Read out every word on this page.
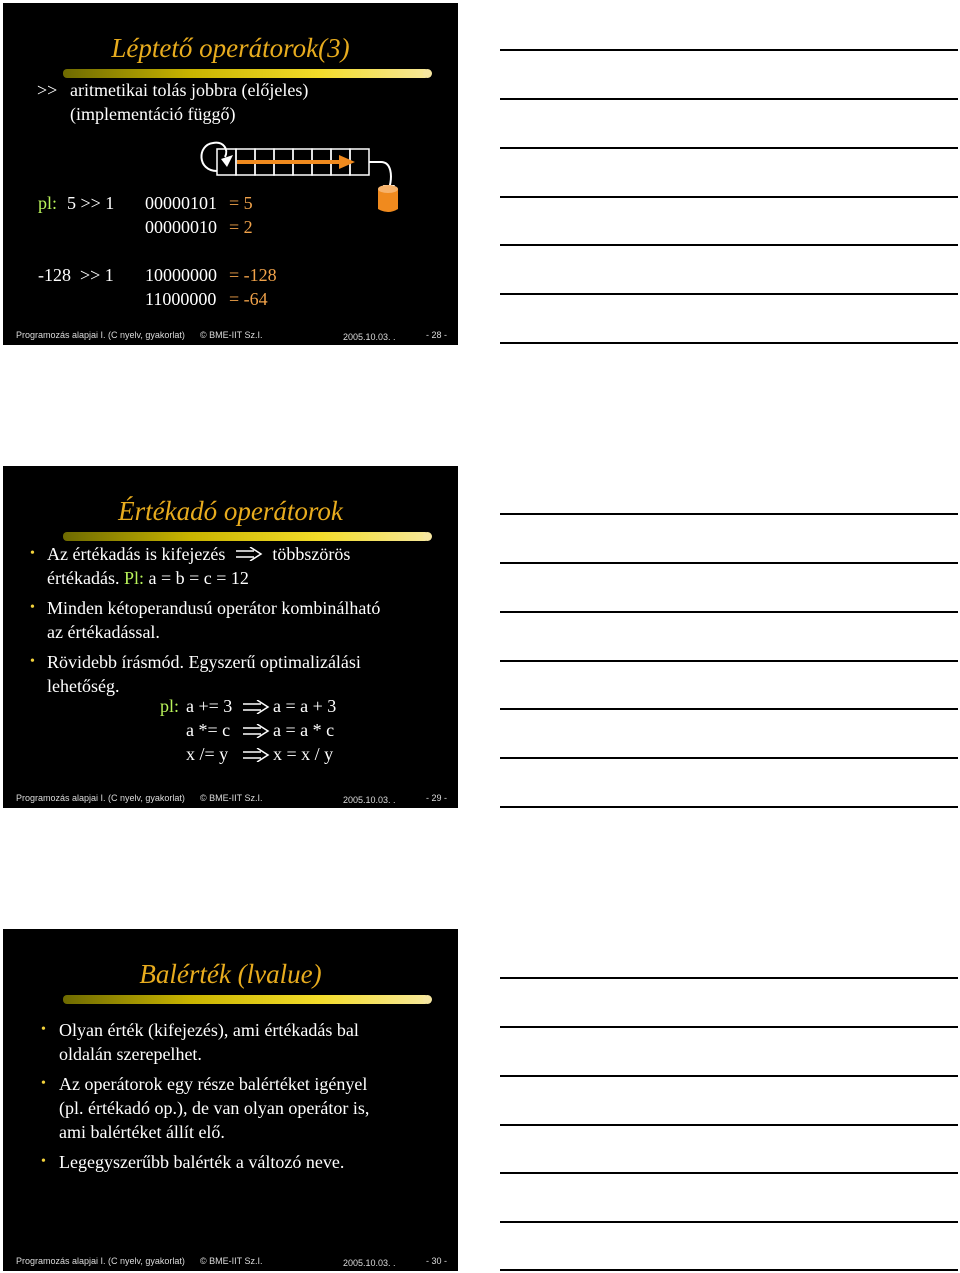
Léptető operátorok(3)
>> aritmetikai tolás jobbra (előjeles)
(implementáció függő)
pl: 5 >> 1 00000101 = 5
00000010 = 2
-128  >> 1 10000000 = -128
11000000 = -64
Programozás alapjai I. (C nyelv, gyakorlat) © BME-IIT Sz.I.	2005.10.03. .	- 28 -
Értékadó operátorok
• Az értékadás is kifejezés	többszörös
értékadás. Pl: a = b = c = 12
• Minden kétoperandusú operátor kombinálható
az értékadással.
• Rövidebb írásmód. Egyszerű optimalizálási
lehetőség.
pl: a += 3 a = a + 3
a *= c a = a * c
x /= y x = x / y
Programozás alapjai I. (C nyelv, gyakorlat) © BME-IIT Sz.I.	2005.10.03. .	- 29 -
Balérték (lvalue)
• Olyan érték (kifejezés), ami értékadás bal
oldalán szerepelhet.
• Az operátorok egy része balértéket igényel
(pl. értékadó op.), de van olyan operátor is,
ami balértéket állít elő.
• Legegyszerűbb balérték a változó neve.
Programozás alapjai I. (C nyelv, gyakorlat) © BME-IIT Sz.I.	2005.10.03. .	- 30 -
